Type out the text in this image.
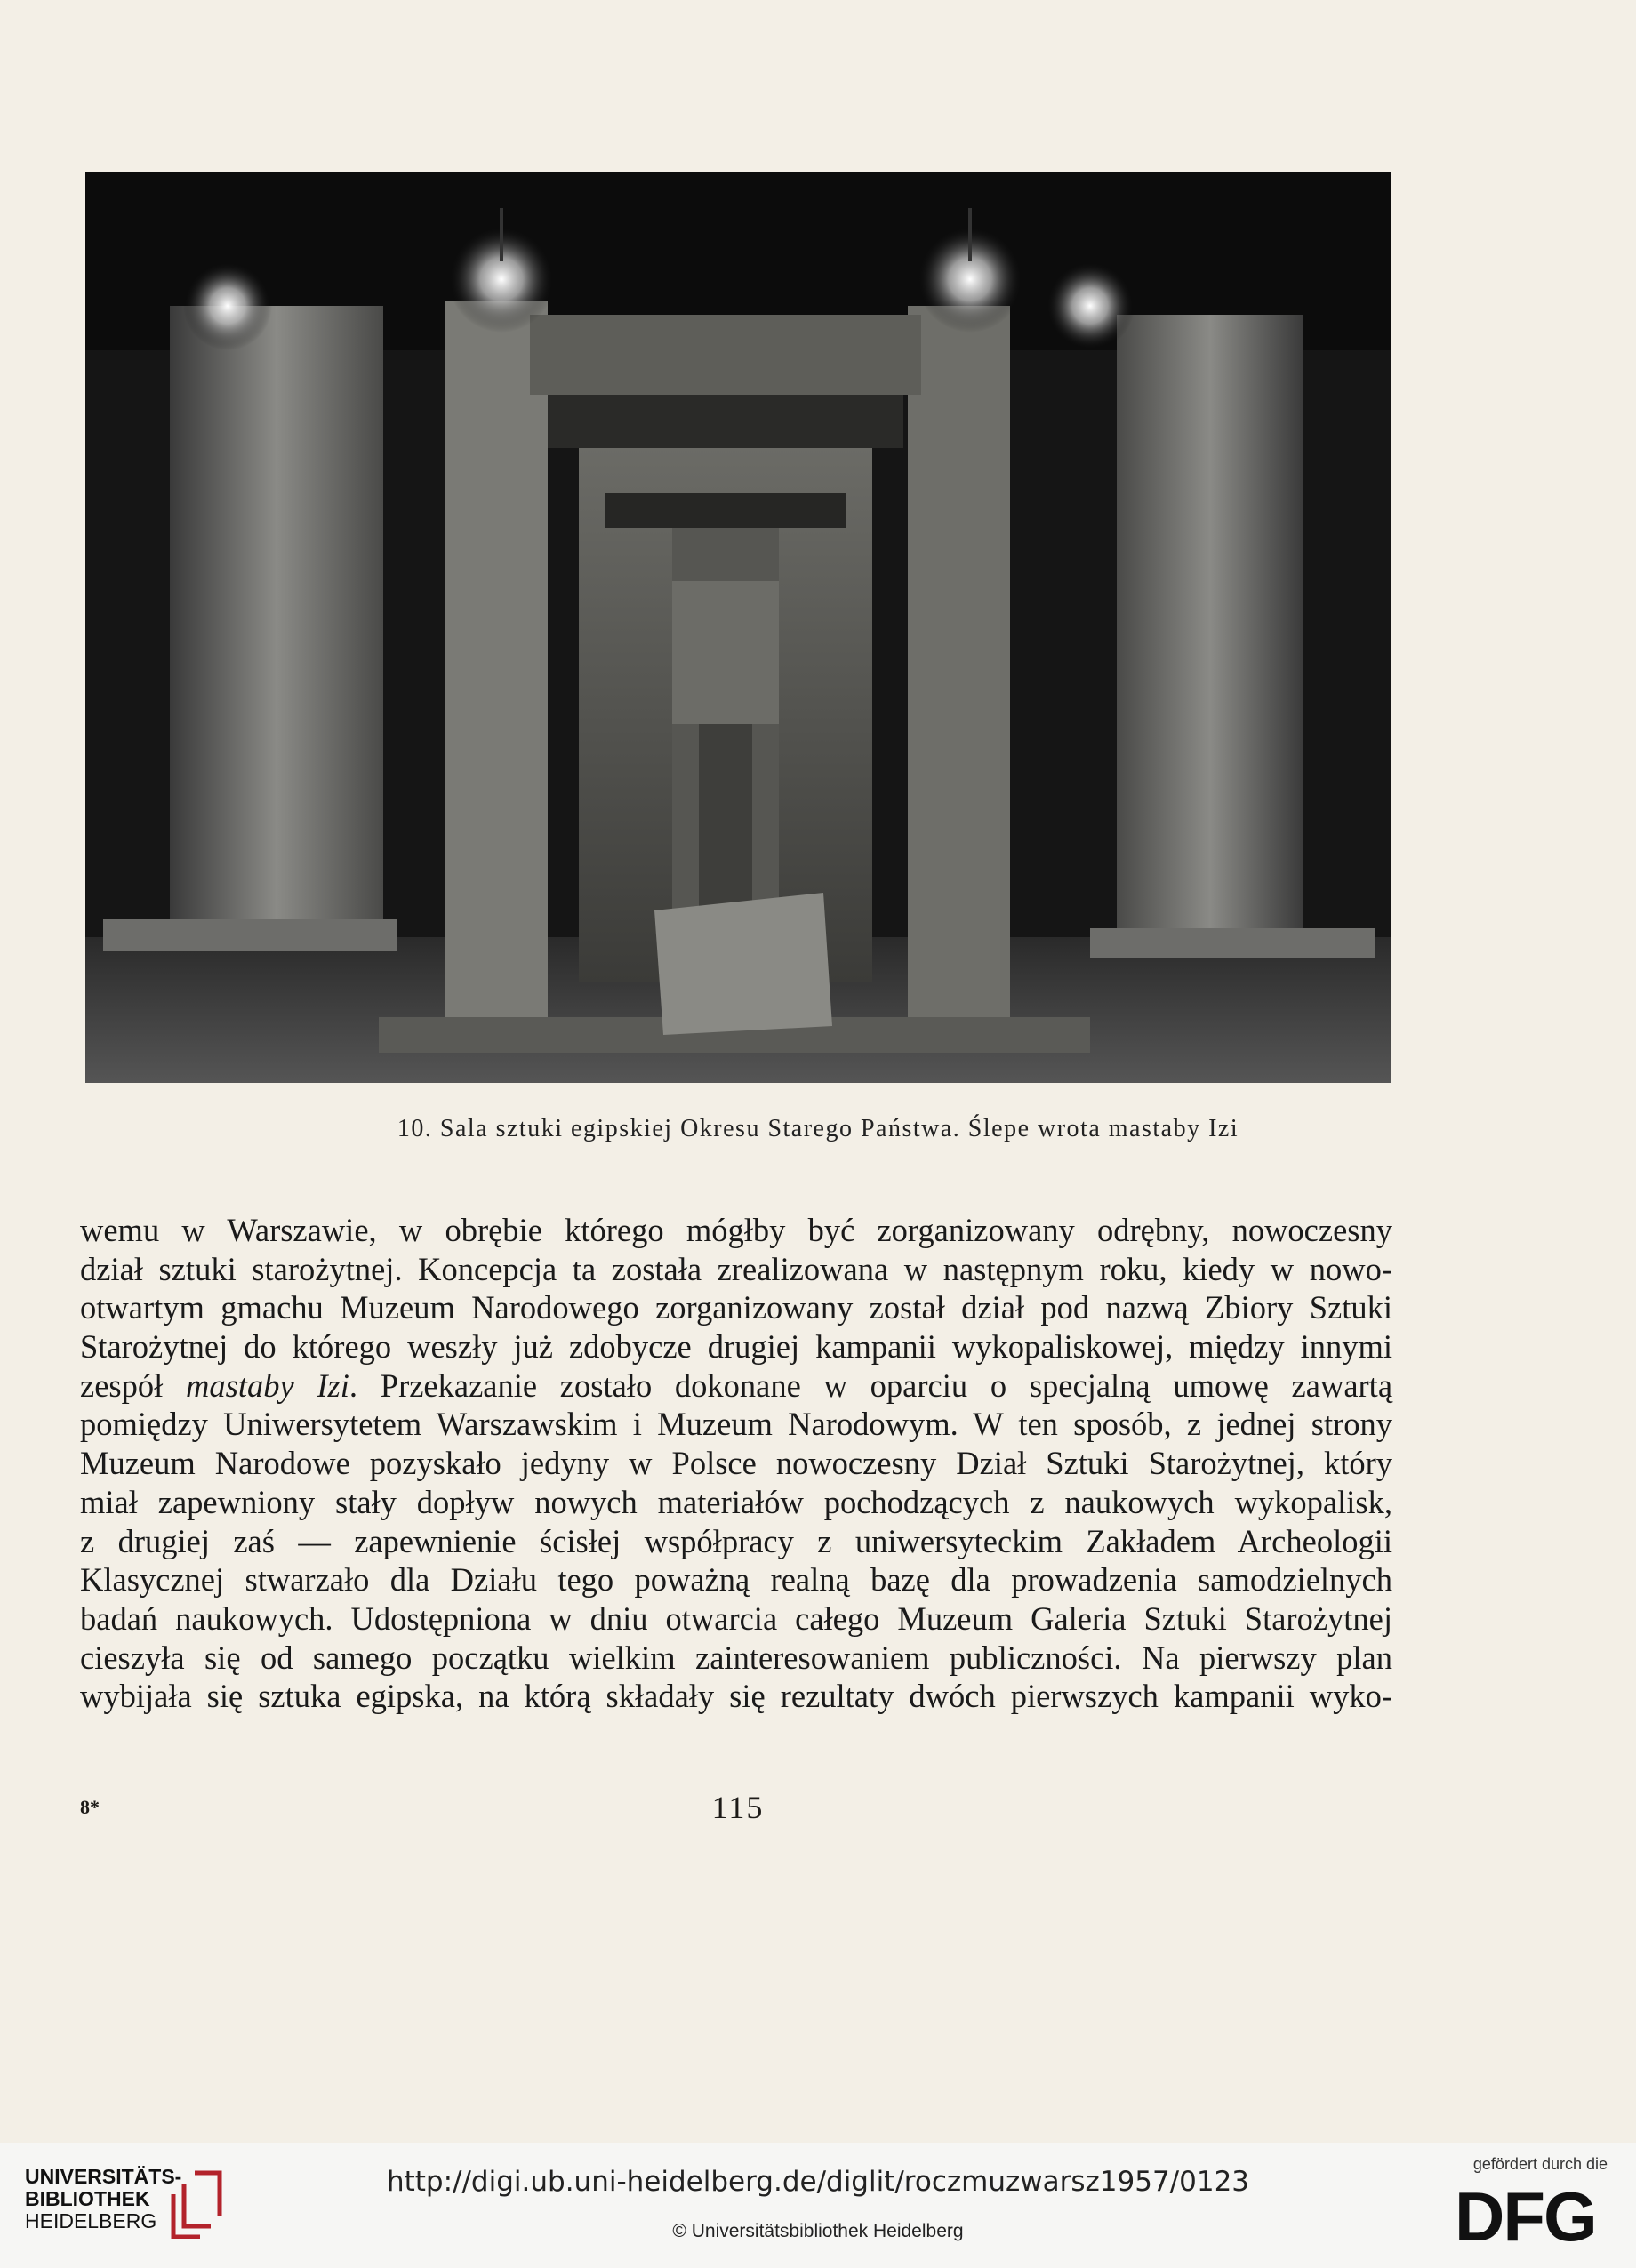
10. Sala sztuki egipskiej Okresu Starego Państwa. Ślepe wrota mastaby Izi
wemu w Warszawie, w obrębie którego mógłby być zorganizowany odrębny, nowoczesny
dział sztuki starożytnej. Koncepcja ta została zrealizowana w następnym roku, kiedy w nowo-
otwartym gmachu Muzeum Narodowego zorganizowany został dział pod nazwą Zbiory Sztuki
Starożytnej do którego weszły już zdobycze drugiej kampanii wykopaliskowej, między innymi
zespół mastaby Izi. Przekazanie zostało dokonane w oparciu o specjalną umowę zawartą
pomiędzy Uniwersytetem Warszawskim i Muzeum Narodowym. W ten sposób, z jednej strony
Muzeum Narodowe pozyskało jedyny w Polsce nowoczesny Dział Sztuki Starożytnej, który
miał zapewniony stały dopływ nowych materiałów pochodzących z naukowych wykopalisk,
z drugiej zaś — zapewnienie ścisłej współpracy z uniwersyteckim Zakładem Archeologii
Klasycznej stwarzało dla Działu tego poważną realną bazę dla prowadzenia samodzielnych
badań naukowych. Udostępniona w dniu otwarcia całego Muzeum Galeria Sztuki Starożytnej
cieszyła się od samego początku wielkim zainteresowaniem publiczności. Na pierwszy plan
wybijała się sztuka egipska, na którą składały się rezultaty dwóch pierwszych kampanii wyko-
8*	115
UNIVERSITÄTS-
BIBLIOTHEK
HEIDELBERG
http://digi.ub.uni-heidelberg.de/diglit/roczmuzwarsz1957/0123
© Universitätsbibliothek Heidelberg
gefördert durch die
DFG
